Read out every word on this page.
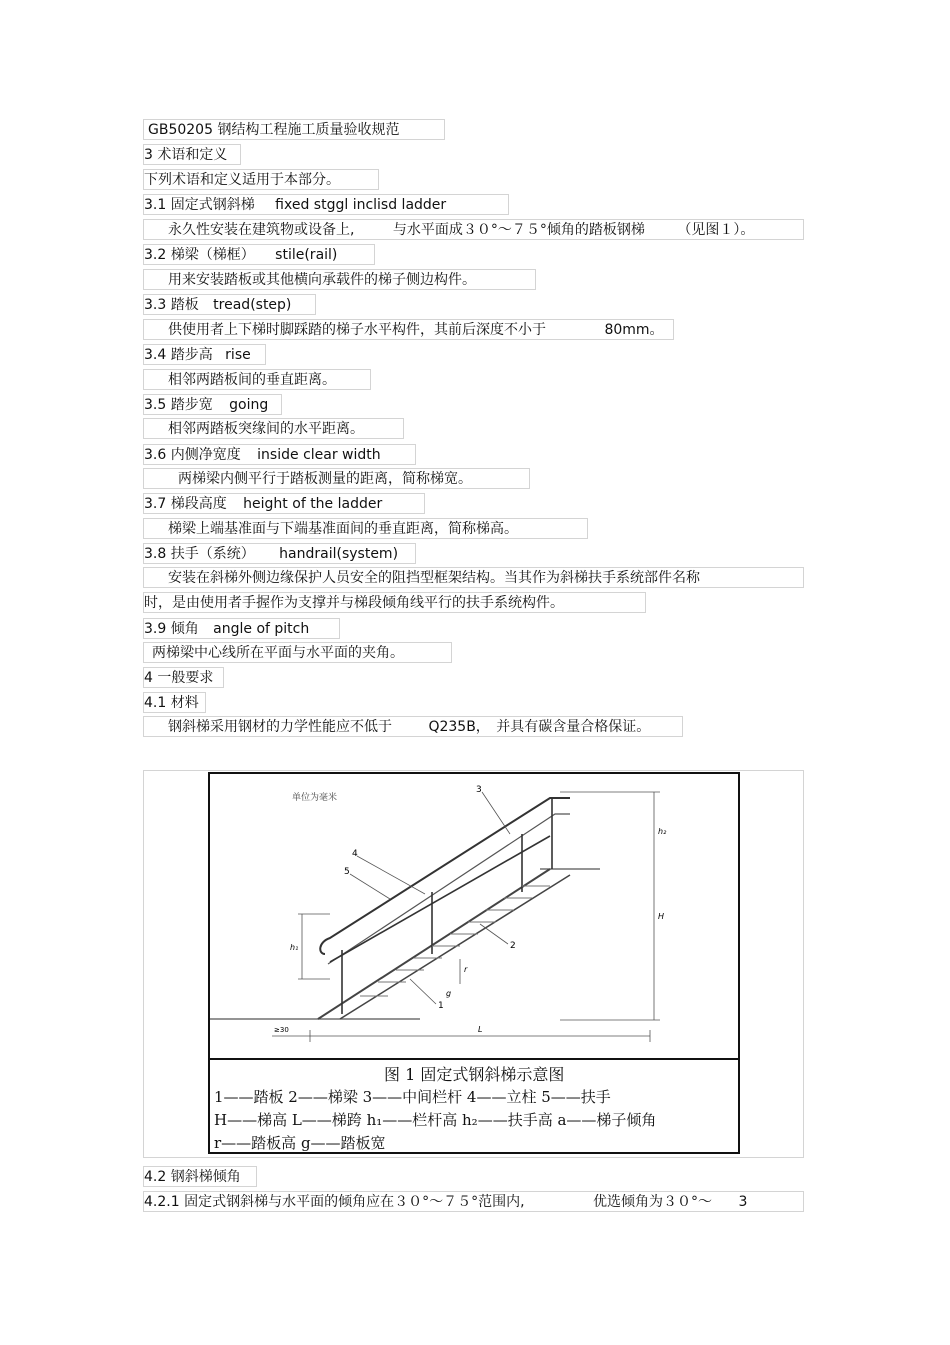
GB50205 钢结构工程施工质量验收规范
3 术语和定义
下列术语和定义适用于本部分。
3.1 固定式钢斜梯 fixed stggl inclisd ladder
永久性安装在建筑物或设备上,	与水平面成３０°～７５°倾角的踏板钢梯 （见图１）。
3.2 梯梁（梯框） stile(rail)
用来安装踏板或其他横向承载件的梯子侧边构件。
3.3 踏板 tread(step)
供使用者上下梯时脚踩踏的梯子水平构件，其前后深度不小于	80mm。
3.4 踏步高 rise
相邻两踏板间的垂直距离。
3.5 踏步宽 going
相邻两踏板突缘间的水平距离。
3.6 内侧净宽度 inside clear width
两梯梁内侧平行于踏板测量的距离，简称梯宽。
3.7 梯段高度 height of the ladder
梯梁上端基准面与下端基准面间的垂直距离，简称梯高。
3.8 扶手（系统） handrail(system)
安装在斜梯外侧边缘保护人员安全的阻挡型框架结构。当其作为斜梯扶手系统部件名称
时，是由使用者手握作为支撑并与梯段倾角线平行的扶手系统构件。
3.9 倾角 angle of pitch
两梯梁中心线所在平面与水平面的夹角。
4 一般要求
4.1 材料
钢斜梯采用钢材的力学性能应不低于	Q235B， 并具有碳含量合格保证。
单位为毫米
4
5
3
1
2
H
L
h₁
h₂
r
g
≥30
图 1 固定式钢斜梯示意图
1——踏板 2——梯梁 3——中间栏杆 4——立柱 5——扶手
H——梯高 L——梯跨 h₁——栏杆高 h₂——扶手高 a——梯子倾角
r——踏板高 g——踏板宽
4.2 钢斜梯倾角
4.2.1 固定式钢斜梯与水平面的倾角应在３０°～７５°范围内,	优选倾角为３０°～ 3
